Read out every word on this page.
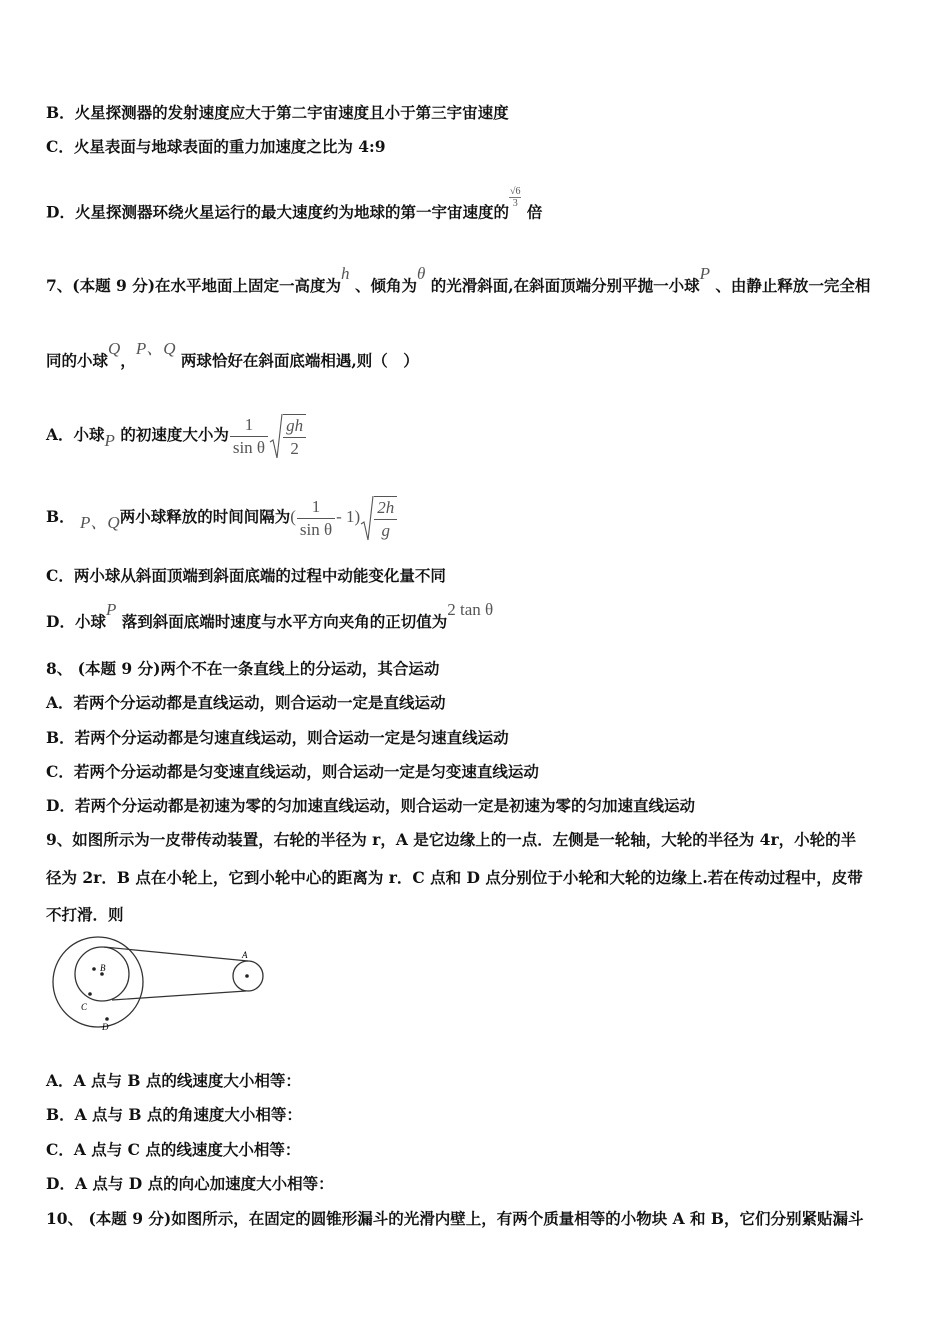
B．火星探测器的发射速度应大于第二宇宙速度且小于第三宇宙速度
C．火星表面与地球表面的重力加速度之比为 4:9
D．火星探测器环绕火星运行的最大速度约为地球的第一宇宙速度的
$\frac{√6}{3}$
倍
7、(本题 9 分)在水平地面上固定一高度为h 、倾角为θ 的光滑斜面,在斜面顶端分别平抛一小球P 、由静止释放一完全相
同的小球Q，P、Q 两球恰好在斜面底端相遇,则（　）
A．小球P 的初速度大小为 $\frac{1}{\text{sin θ}} \frac{gh}{2}$
B． P、Q两小球释放的时间间隔为( $\frac{1}{\text{sin θ}} - 1) \frac{2h}{g}$
C．两小球从斜面顶端到斜面底端的过程中动能变化量不同
D．小球P 落到斜面底端时速度与水平方向夹角的正切值为2 tan θ
8、 (本题 9 分)两个不在一条直线上的分运动，其合运动
A．若两个分运动都是直线运动，则合运动一定是直线运动
B．若两个分运动都是匀速直线运动，则合运动一定是匀速直线运动
C．若两个分运动都是匀变速直线运动，则合运动一定是匀变速直线运动
D．若两个分运动都是初速为零的匀加速直线运动，则合运动一定是初速为零的匀加速直线运动
9、如图所示为一皮带传动装置，右轮的半径为 r，A 是它边缘上的一点．左侧是一轮轴，大轮的半径为 4r，小轮的半
径为 2r．B 点在小轮上，它到小轮中心的距离为 r．C 点和 D 点分别位于小轮和大轮的边缘上.若在传动过程中，皮带
不打滑．则
A
B
C
D
A．A 点与 B 点的线速度大小相等：
B．A 点与 B 点的角速度大小相等：
C．A 点与 C 点的线速度大小相等：
D．A 点与 D 点的向心加速度大小相等：
10、 (本题 9 分)如图所示，在固定的圆锥形漏斗的光滑内壁上，有两个质量相等的小物块 A 和 B，它们分别紧贴漏斗
